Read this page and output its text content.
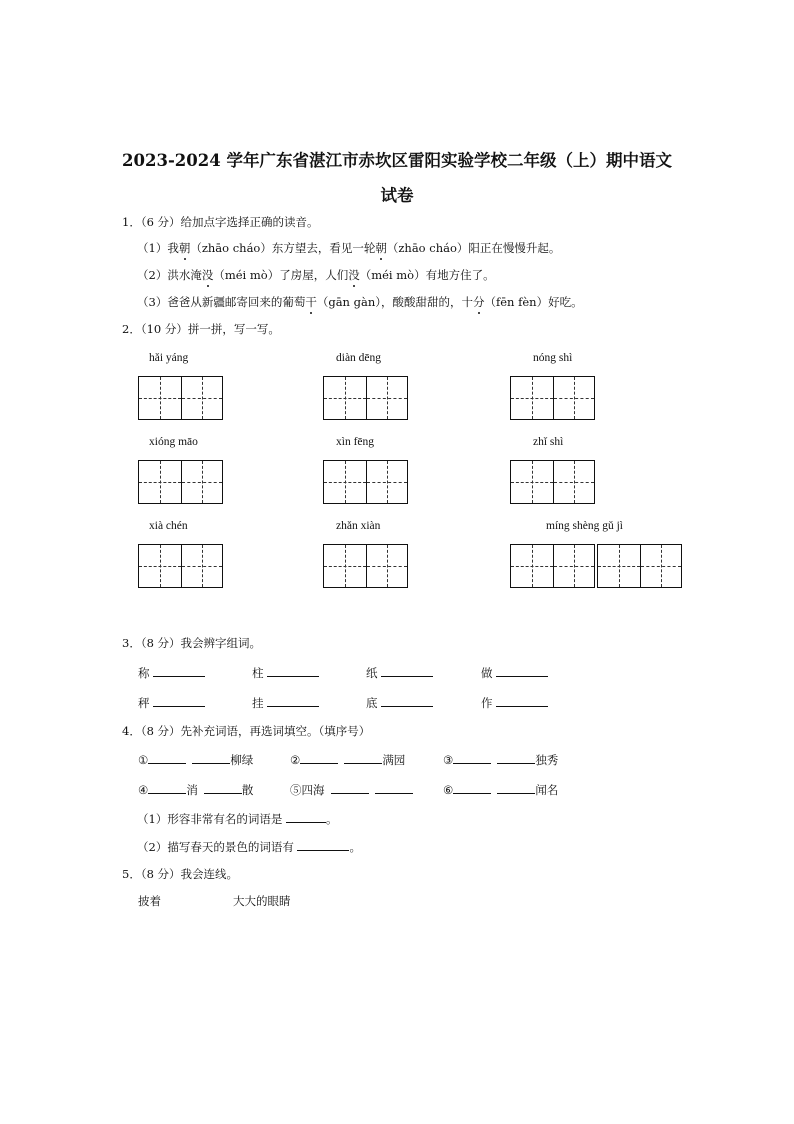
2023-2024 学年广东省湛江市赤坎区雷阳实验学校二年级（上）期中语文
试卷
1．（6 分）给加点字选择正确的读音。
（1）我朝（zhāo cháo）东方望去，看见一轮朝（zhāo cháo）阳正在慢慢升起。
（2）洪水淹没（méi mò）了房屋，人们没（méi mò）有地方住了。
（3）爸爸从新疆邮寄回来的葡萄干（gān gàn），酸酸甜甜的，十分（fēn fèn）好吃。
2．（10 分）拼一拼，写一写。
hǎi yáng	diàn dēng	nóng shì
xióng māo	xìn fēng	zhǐ shì
xià chén	zhǎn xiàn	míng shèng gǔ jì
3．（8 分）我会辨字组词。
称	柱	纸	做
秤	挂	底	作
4．（8 分）先补充词语，再选词填空。（填序号）
①	柳绿	②	满园	③	独秀
④	消	散	⑤四海	⑥	闻名
（1）形容非常有名的词语是	。
（2）描写春天的景色的词语有	。
5．（8 分）我会连线。
披着	大大的眼睛
